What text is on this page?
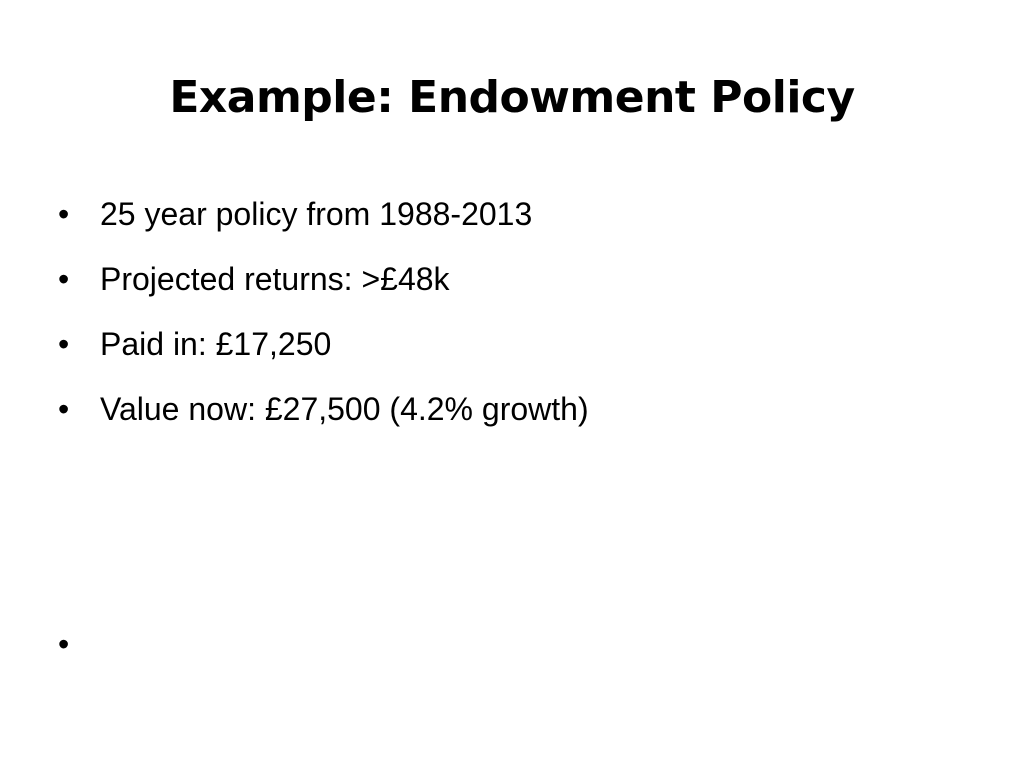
Example: Endowment Policy
• 25 year policy from 1988-2013
• Projected returns: >£48k
• Paid in: £17,250
• Value now: £27,500 (4.2% growth)
•
